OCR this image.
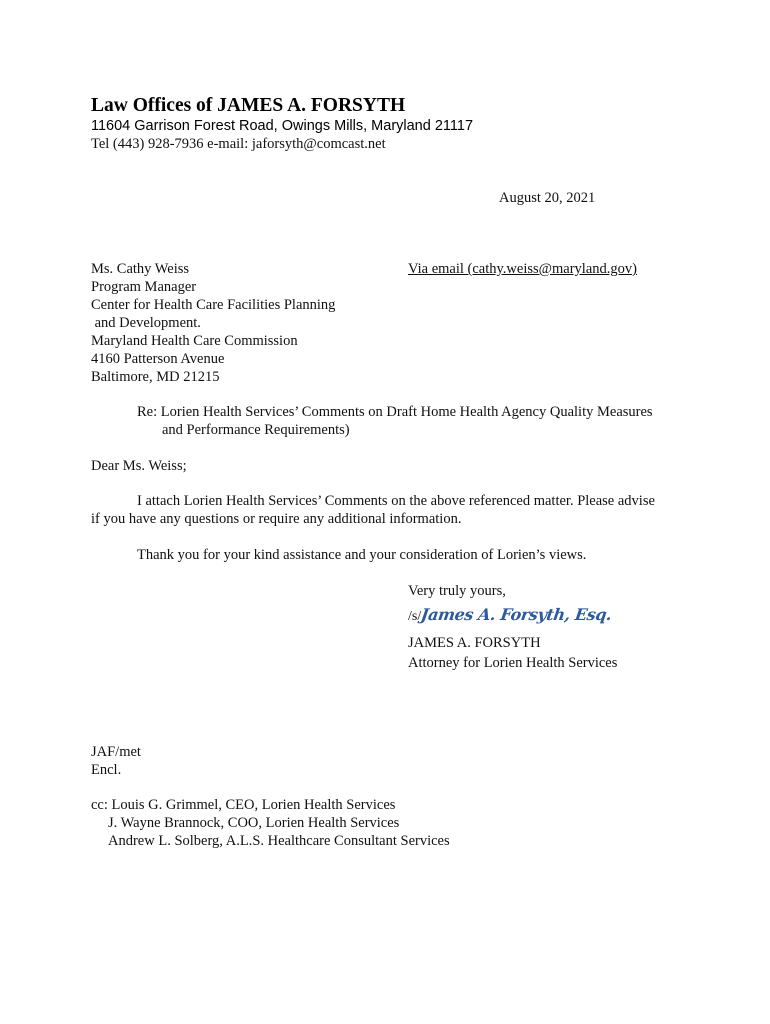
Law Offices of JAMES A. FORSYTH
11604 Garrison Forest Road, Owings Mills, Maryland 21117
Tel (443) 928-7936 e-mail: jaforsyth@comcast.net
August 20, 2021
Ms. Cathy Weiss
Program Manager
Center for Health Care Facilities Planning
and Development.
Maryland Health Care Commission
4160 Patterson Avenue
Baltimore, MD 21215
Via email (cathy.weiss@maryland.gov)
Re: Lorien Health Services’ Comments on Draft Home Health Agency Quality Measures
and Performance Requirements)
Dear Ms. Weiss;
I attach Lorien Health Services’ Comments on the above referenced matter. Please advise
if you have any questions or require any additional information.
Thank you for your kind assistance and your consideration of Lorien’s views.
Very truly yours,
/s/James A. Forsyth, Esq.
JAMES A. FORSYTH
Attorney for Lorien Health Services
JAF/met
Encl.
cc: Louis G. Grimmel, CEO, Lorien Health Services
J. Wayne Brannock, COO, Lorien Health Services
Andrew L. Solberg, A.L.S. Healthcare Consultant Services
